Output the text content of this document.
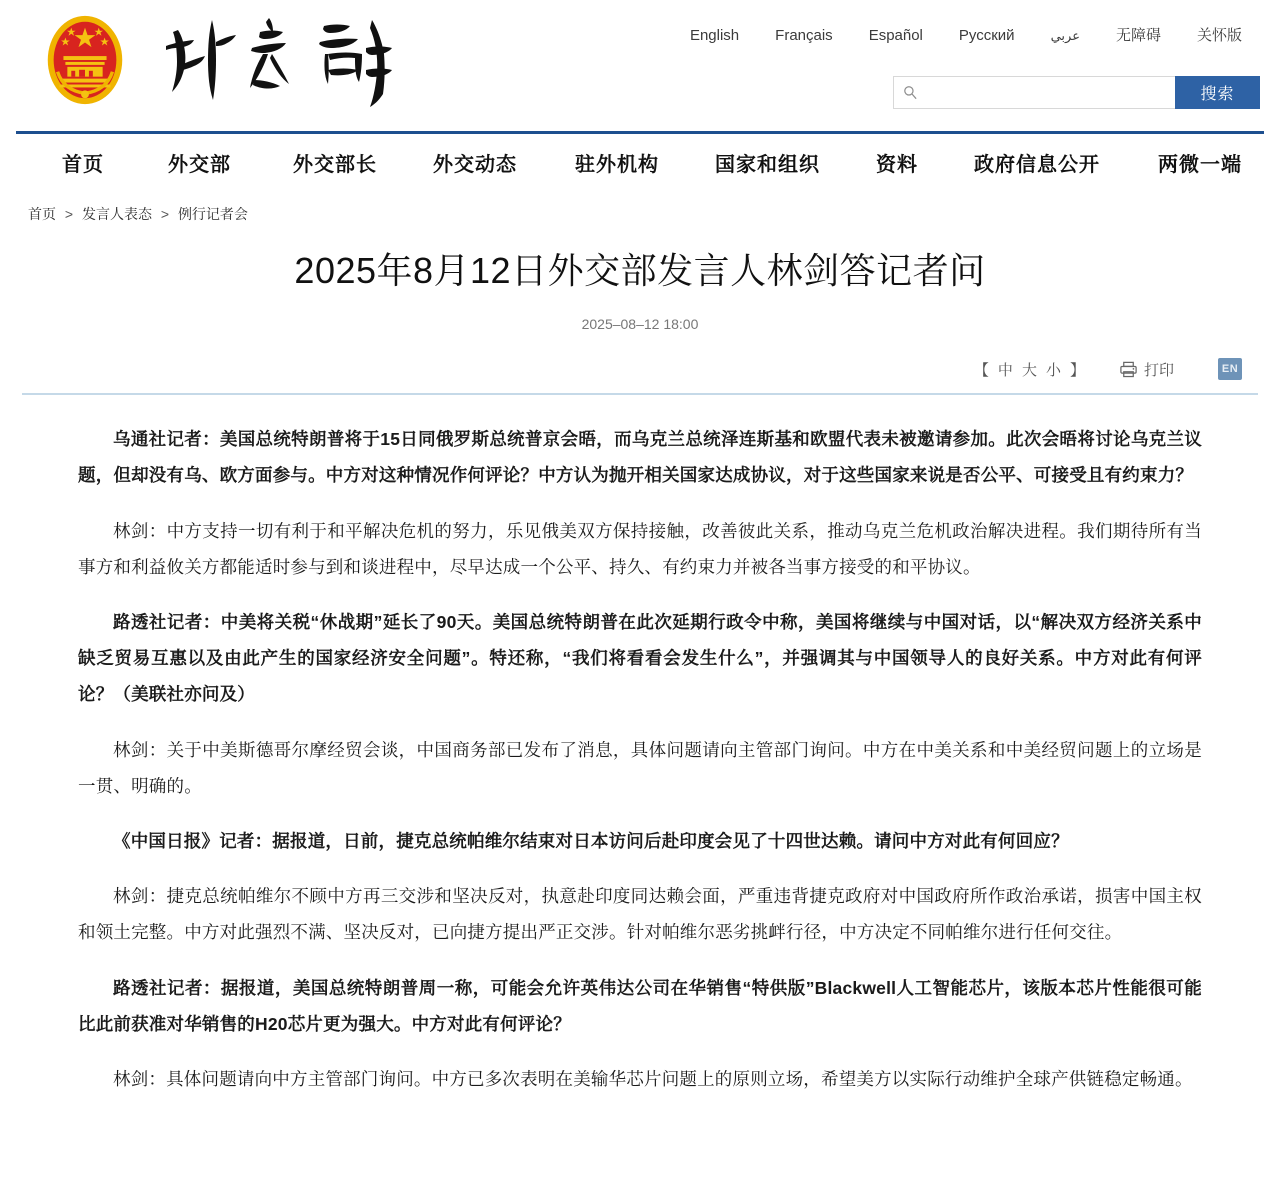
English	Français	Español	Русский	عربي	无障碍	关怀版
搜索
首页	外交部	外交部长	外交动态	驻外机构	国家和组织	资料	政府信息公开	两微一端
首页 > 发言人表态 > 例行记者会
2025年8月12日外交部发言人林剑答记者问
2025–08–12 18:00
【 中 大 小 】	打印	EN

乌通社记者：美国总统特朗普将于15日同俄罗斯总统普京会晤，而乌克兰总统泽连斯基和欧盟代表未被邀请参加。此次会晤将讨论乌克兰议题，但却没有乌、欧方面参与。中方对这种情况作何评论？中方认为抛开相关国家达成协议，对于这些国家来说是否公平、可接受且有约束力？

林剑：中方支持一切有利于和平解决危机的努力，乐见俄美双方保持接触，改善彼此关系，推动乌克兰危机政治解决进程。我们期待所有当事方和利益攸关方都能适时参与到和谈进程中，尽早达成一个公平、持久、有约束力并被各当事方接受的和平协议。

路透社记者：中美将关税“休战期”延长了90天。美国总统特朗普在此次延期行政令中称，美国将继续与中国对话，以“解决双方经济关系中缺乏贸易互惠以及由此产生的国家经济安全问题”。特还称，“我们将看看会发生什么”，并强调其与中国领导人的良好关系。中方对此有何评论？（美联社亦问及）

林剑：关于中美斯德哥尔摩经贸会谈，中国商务部已发布了消息，具体问题请向主管部门询问。中方在中美关系和中美经贸问题上的立场是一贯、明确的。

《中国日报》记者：据报道，日前，捷克总统帕维尔结束对日本访问后赴印度会见了十四世达赖。请问中方对此有何回应？

林剑：捷克总统帕维尔不顾中方再三交涉和坚决反对，执意赴印度同达赖会面，严重违背捷克政府对中国政府所作政治承诺，损害中国主权和领土完整。中方对此强烈不满、坚决反对，已向捷方提出严正交涉。针对帕维尔恶劣挑衅行径，中方决定不同帕维尔进行任何交往。

路透社记者：据报道，美国总统特朗普周一称，可能会允许英伟达公司在华销售“特供版”Blackwell人工智能芯片，该版本芯片性能很可能比此前获准对华销售的H20芯片更为强大。中方对此有何评论？

林剑：具体问题请向中方主管部门询问。中方已多次表明在美输华芯片问题上的原则立场，希望美方以实际行动维护全球产供链稳定畅通。
